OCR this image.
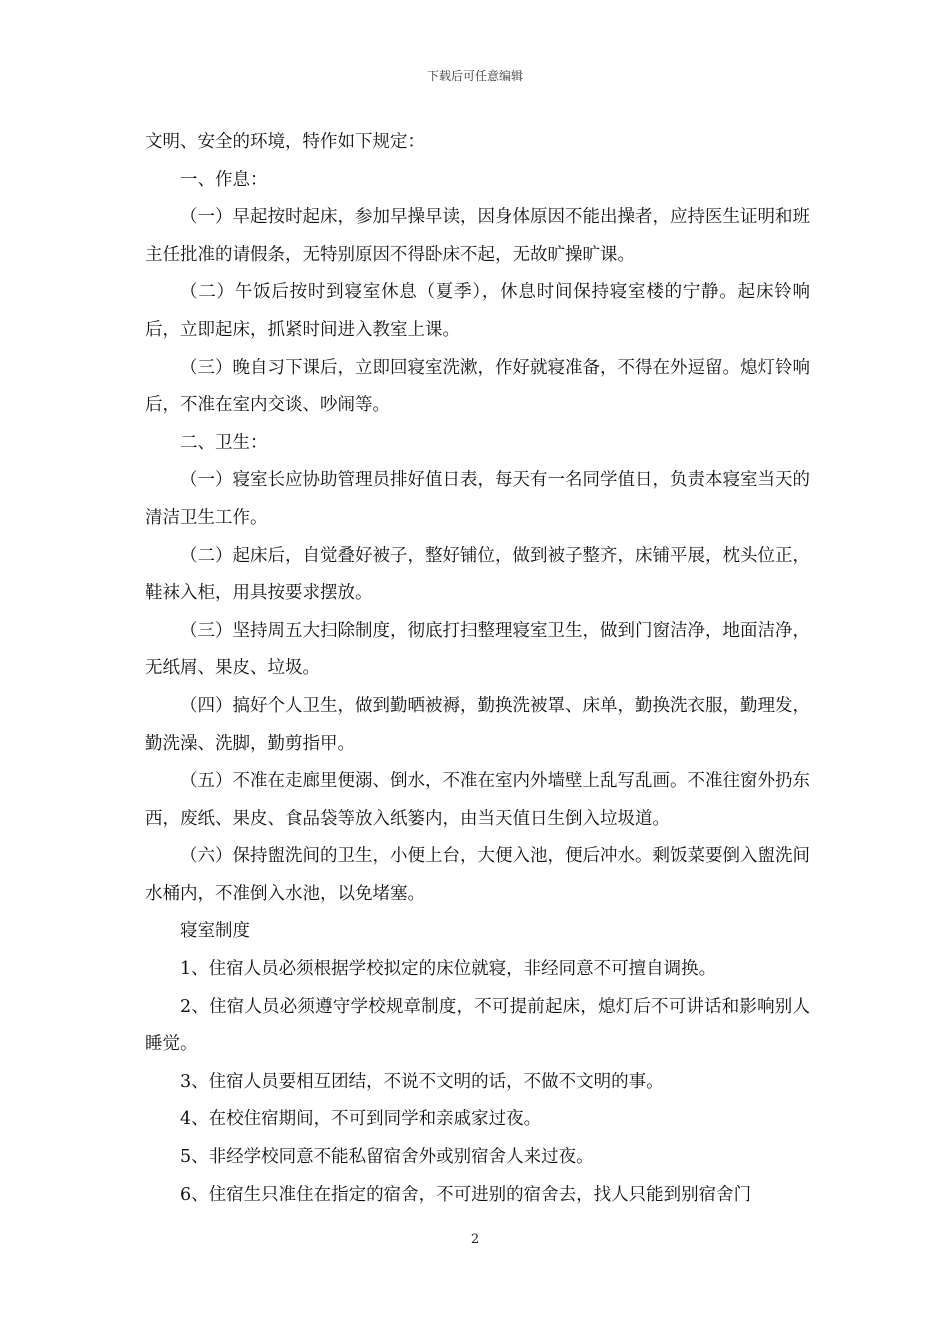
下载后可任意编辑

文明、安全的环境，特作如下规定：

一、作息：

（一）早起按时起床，参加早操早读，因身体原因不能出操者，应持医生证明和班主任批准的请假条，无特别原因不得卧床不起，无故旷操旷课。

（二）午饭后按时到寝室休息（夏季），休息时间保持寝室楼的宁静。起床铃响后，立即起床，抓紧时间进入教室上课。

（三）晚自习下课后，立即回寝室洗漱，作好就寝准备，不得在外逗留。熄灯铃响后，不准在室内交谈、吵闹等。

二、卫生：

（一）寝室长应协助管理员排好值日表，每天有一名同学值日，负责本寝室当天的清洁卫生工作。

（二）起床后，自觉叠好被子，整好铺位，做到被子整齐，床铺平展，枕头位正，鞋袜入柜，用具按要求摆放。

（三）坚持周五大扫除制度，彻底打扫整理寝室卫生，做到门窗洁净，地面洁净，无纸屑、果皮、垃圾。

（四）搞好个人卫生，做到勤晒被褥，勤换洗被罩、床单，勤换洗衣服，勤理发，勤洗澡、洗脚，勤剪指甲。

（五）不准在走廊里便溺、倒水，不准在室内外墙壁上乱写乱画。不准往窗外扔东西，废纸、果皮、食品袋等放入纸篓内，由当天值日生倒入垃圾道。

（六）保持盥洗间的卫生，小便上台，大便入池，便后冲水。剩饭菜要倒入盥洗间水桶内，不准倒入水池，以免堵塞。

寝室制度

1、住宿人员必须根据学校拟定的床位就寝，非经同意不可擅自调换。

2、住宿人员必须遵守学校规章制度，不可提前起床，熄灯后不可讲话和影响别人睡觉。

3、住宿人员要相互团结，不说不文明的话，不做不文明的事。

4、在校住宿期间，不可到同学和亲戚家过夜。

5、非经学校同意不能私留宿舍外或别宿舍人来过夜。

6、住宿生只准住在指定的宿舍，不可进别的宿舍去，找人只能到别宿舍门

2
